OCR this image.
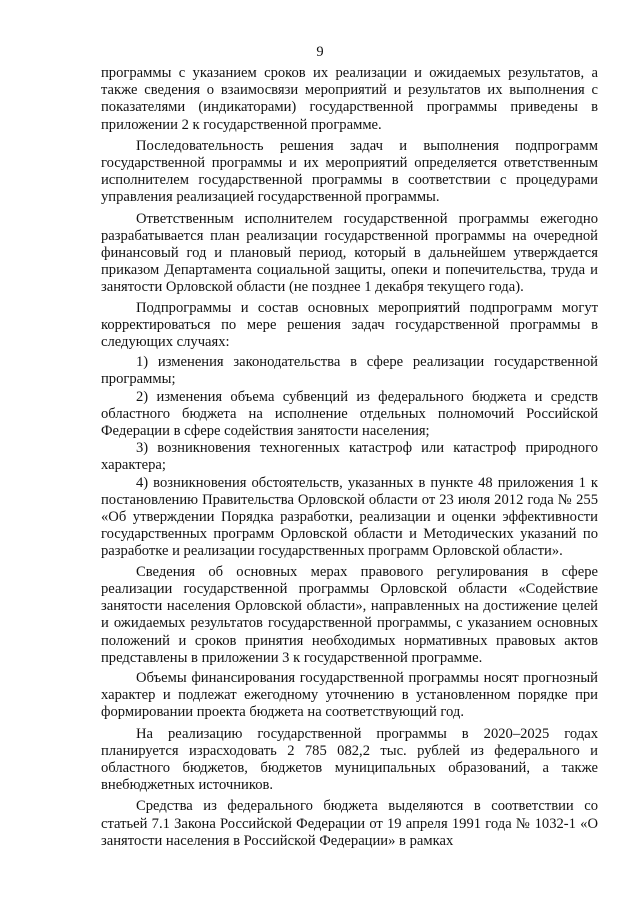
9

программы с указанием сроков их реализации и ожидаемых результатов, а также сведения о взаимосвязи мероприятий и результатов их выполнения с показателями (индикаторами) государственной программы приведены в приложении 2 к государственной программе.

Последовательность решения задач и выполнения подпрограмм государственной программы и их мероприятий определяется ответственным исполнителем государственной программы в соответствии с процедурами управления реализацией государственной программы.

Ответственным исполнителем государственной программы ежегодно разрабатывается план реализации государственной программы на очередной финансовый год и плановый период, который в дальнейшем утверждается приказом Департамента социальной защиты, опеки и попечительства, труда и занятости Орловской области (не позднее 1 декабря текущего года).

Подпрограммы и состав основных мероприятий подпрограмм могут корректироваться по мере решения задач государственной программы в следующих случаях:

1) изменения законодательства в сфере реализации государственной программы;

2) изменения объема субвенций из федерального бюджета и средств областного бюджета на исполнение отдельных полномочий Российской Федерации в сфере содействия занятости населения;

3) возникновения техногенных катастроф или катастроф природного характера;

4) возникновения обстоятельств, указанных в пункте 48 приложения 1 к постановлению Правительства Орловской области от 23 июля 2012 года № 255 «Об утверждении Порядка разработки, реализации и оценки эффективности государственных программ Орловской области и Методических указаний по разработке и реализации государственных программ Орловской области».

Сведения об основных мерах правового регулирования в сфере реализации государственной программы Орловской области «Содействие занятости населения Орловской области», направленных на достижение целей и ожидаемых результатов государственной программы, с указанием основных положений и сроков принятия необходимых нормативных правовых актов представлены в приложении 3 к государственной программе.

Объемы финансирования государственной программы носят прогнозный характер и подлежат ежегодному уточнению в установленном порядке при формировании проекта бюджета на соответствующий год.

На реализацию государственной программы в 2020–2025 годах планируется израсходовать 2 785 082,2 тыс. рублей из федерального и областного бюджетов, бюджетов муниципальных образований, а также внебюджетных источников.

Средства из федерального бюджета выделяются в соответствии со статьей 7.1 Закона Российской Федерации от 19 апреля 1991 года № 1032-1 «О занятости населения в Российской Федерации» в рамках
